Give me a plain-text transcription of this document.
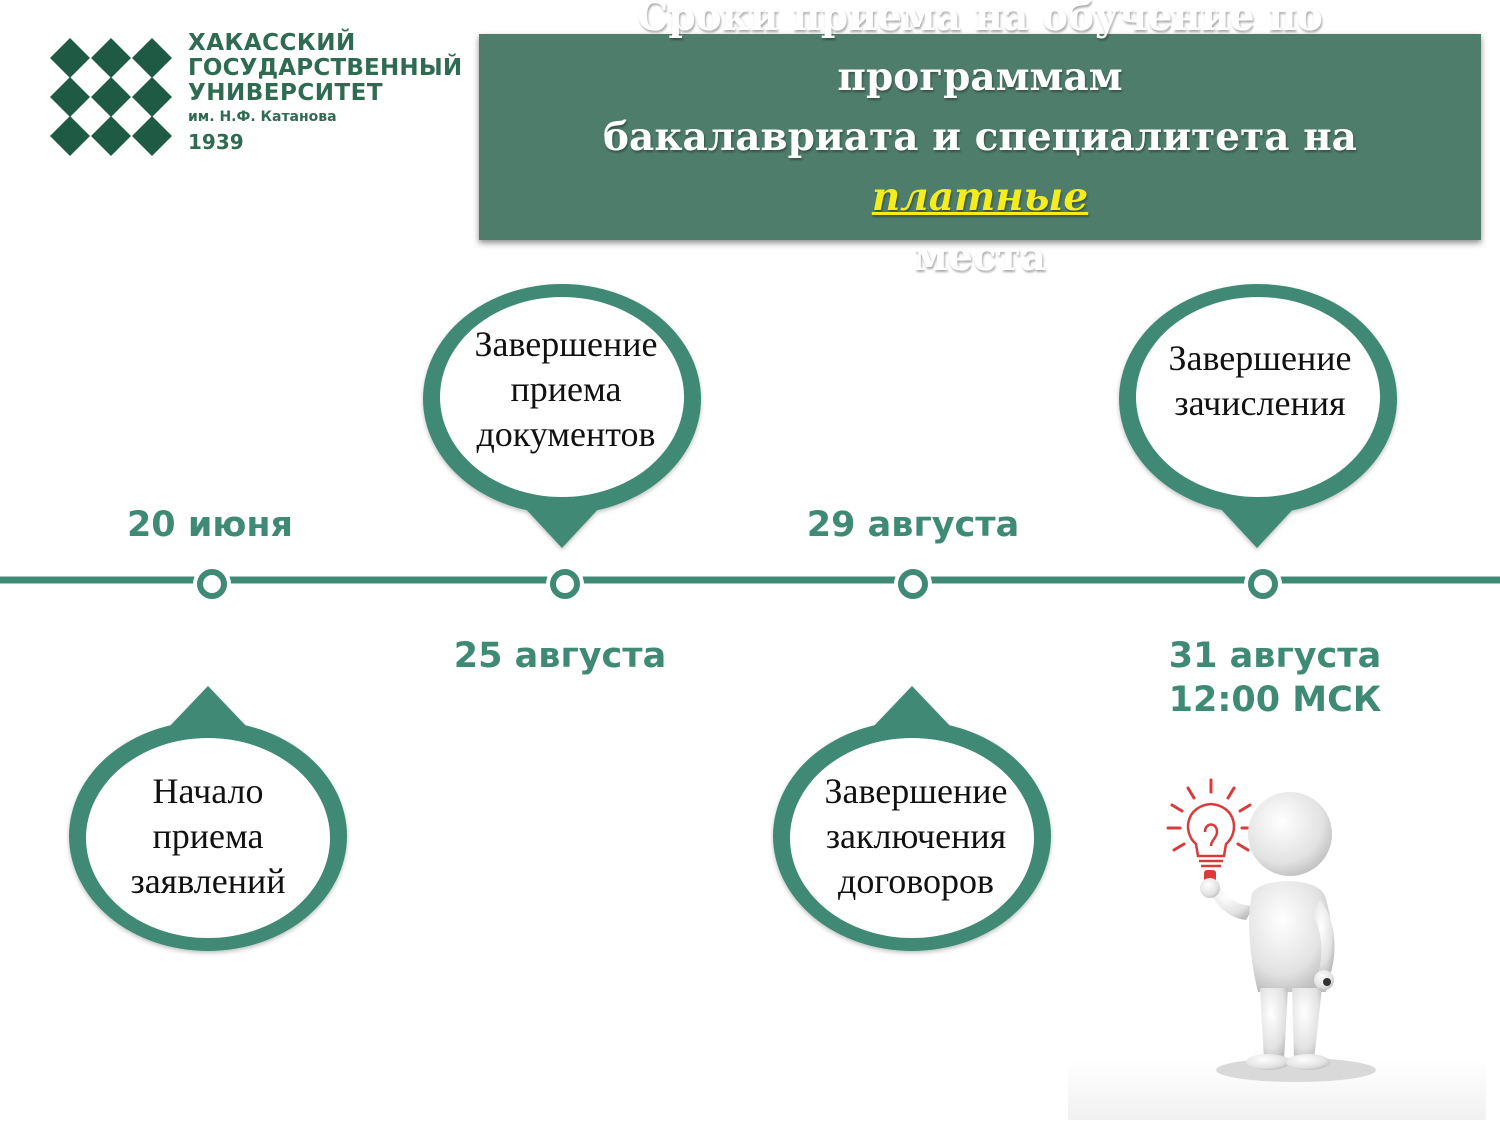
ХАКАССКИЙ
ГОСУДАРСТВЕННЫЙ
УНИВЕРСИТЕТ
им. Н.Ф. Катанова
1939
Сроки приема на обучение по программам
бакалавриата и специалитета на платные
места
20 июня
25 августа
29 августа
31 августа
12:00 МСК
Начало
приема
заявлений
Завершение
приема
документов
Завершение
заключения
договоров
Завершение
зачисления
